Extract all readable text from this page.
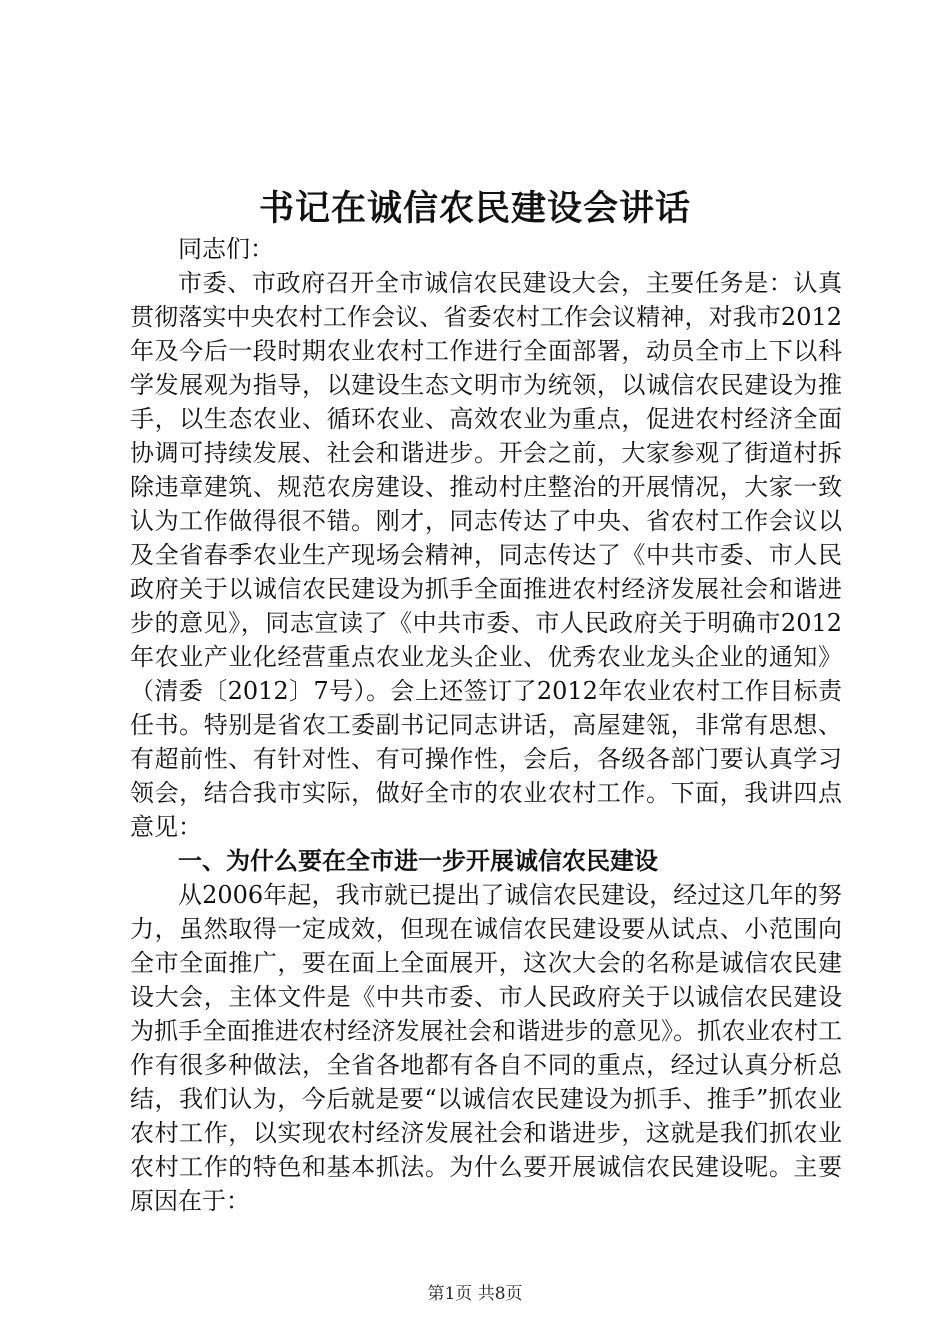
书记在诚信农民建设会讲话

同志们：

市委、市政府召开全市诚信农民建设大会，主要任务是：认真贯彻落实中央农村工作会议、省委农村工作会议精神，对我市2012年及今后一段时期农业农村工作进行全面部署，动员全市上下以科学发展观为指导，以建设生态文明市为统领，以诚信农民建设为推手，以生态农业、循环农业、高效农业为重点，促进农村经济全面协调可持续发展、社会和谐进步。开会之前，大家参观了街道村拆除违章建筑、规范农房建设、推动村庄整治的开展情况，大家一致认为工作做得很不错。刚才，同志传达了中央、省农村工作会议以及全省春季农业生产现场会精神，同志传达了《中共市委、市人民政府关于以诚信农民建设为抓手全面推进农村经济发展社会和谐进步的意见》，同志宣读了《中共市委、市人民政府关于明确市2012年农业产业化经营重点农业龙头企业、优秀农业龙头企业的通知》（清委〔2012〕7号）。会上还签订了2012年农业农村工作目标责任书。特别是省农工委副书记同志讲话，高屋建瓴，非常有思想、有超前性、有针对性、有可操作性，会后，各级各部门要认真学习领会，结合我市实际，做好全市的农业农村工作。下面，我讲四点意见：

一、为什么要在全市进一步开展诚信农民建设

从2006年起，我市就已提出了诚信农民建设，经过这几年的努力，虽然取得一定成效，但现在诚信农民建设要从试点、小范围向全市全面推广，要在面上全面展开，这次大会的名称是诚信农民建设大会，主体文件是《中共市委、市人民政府关于以诚信农民建设为抓手全面推进农村经济发展社会和谐进步的意见》。抓农业农村工作有很多种做法，全省各地都有各自不同的重点，经过认真分析总结，我们认为，今后就是要“以诚信农民建设为抓手、推手”抓农业农村工作，以实现农村经济发展社会和谐进步，这就是我们抓农业农村工作的特色和基本抓法。为什么要开展诚信农民建设呢。主要原因在于：

第1页 共8页
